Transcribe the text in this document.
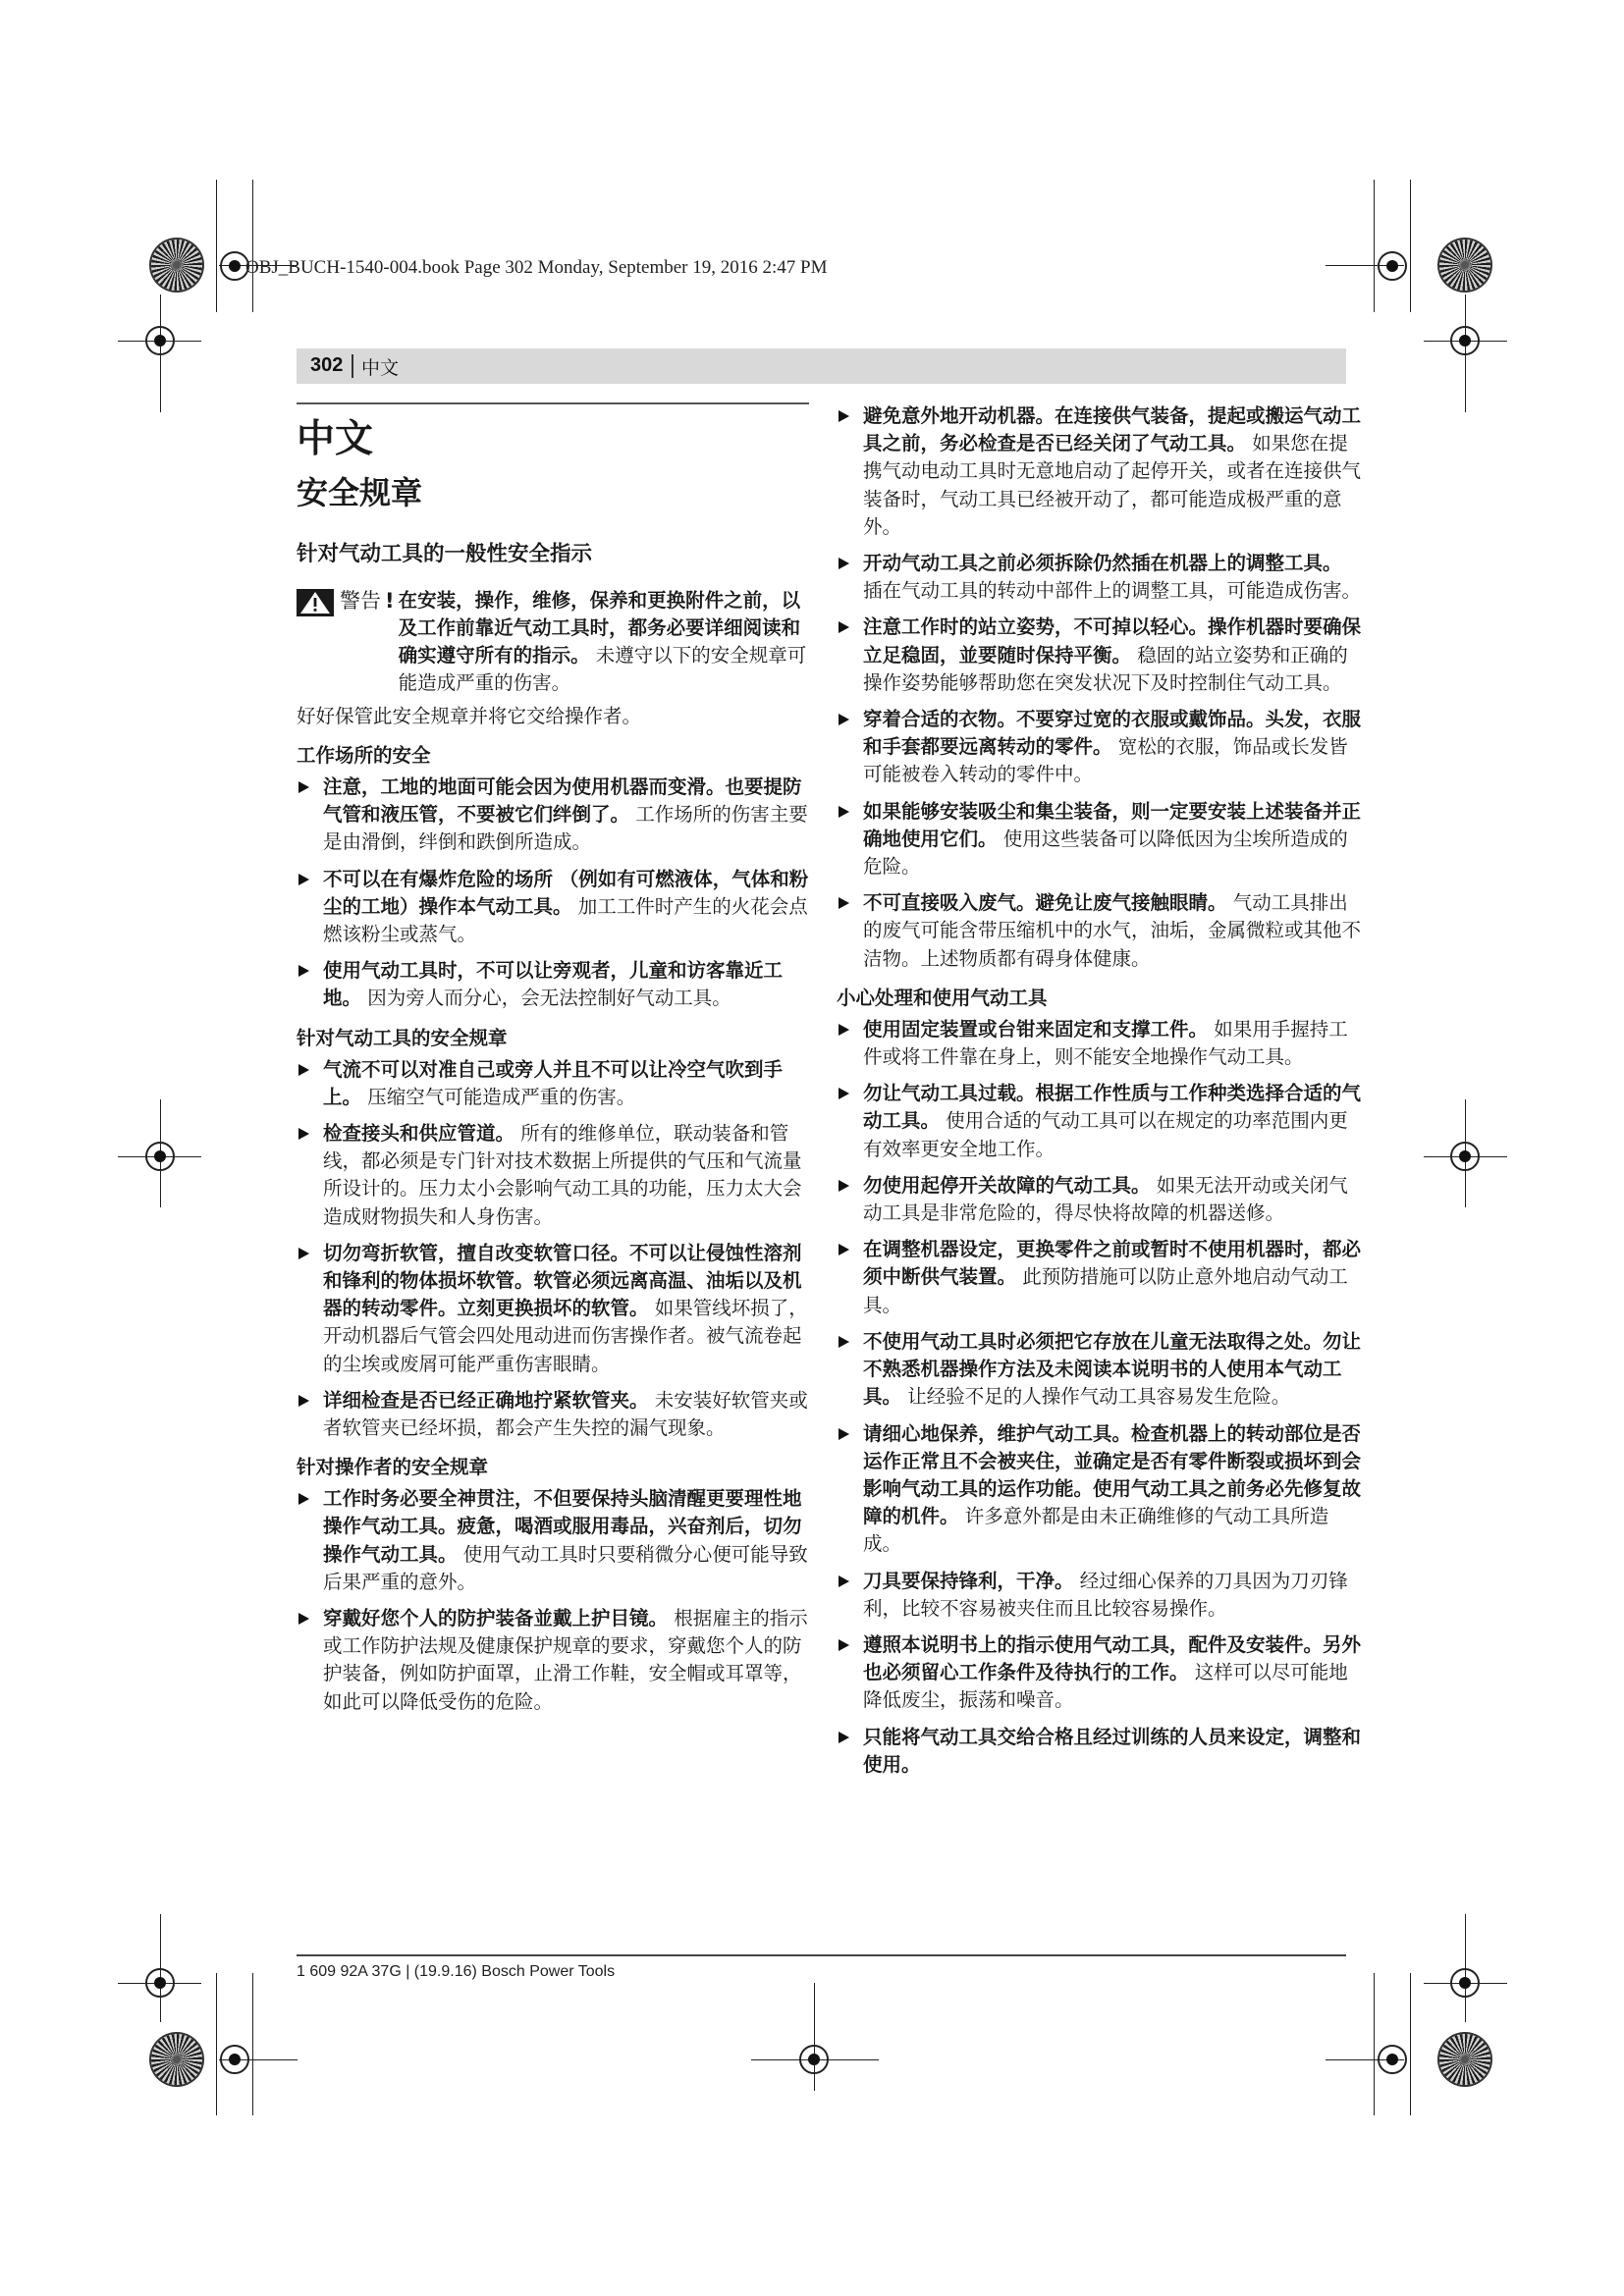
OBJ_BUCH-1540-004.book Page 302 Monday, September 19, 2016 2:47 PM
302 中文
中文
安全规章
针对气动工具的一般性安全指示
警告 ! 在安装，操作，维修，保养和更换附件之前，以及工作前靠近气动工具时，都务必要详细阅读和确实遵守所有的指示。 未遵守以下的安全规章可能造成严重的伤害。
好好保管此安全规章并将它交给操作者。
工作场所的安全
注意，工地的地面可能会因为使用机器而变滑。也要提防气管和液压管，不要被它们绊倒了。 工作场所的伤害主要是由滑倒，绊倒和跌倒所造成。
不可以在有爆炸危险的场所 （例如有可燃液体，气体和粉尘的工地）操作本气动工具。 加工工件时产生的火花会点燃该粉尘或蒸气。
使用气动工具时，不可以让旁观者，儿童和访客靠近工地。 因为旁人而分心，会无法控制好气动工具。
针对气动工具的安全规章
气流不可以对准自己或旁人并且不可以让冷空气吹到手上。 压缩空气可能造成严重的伤害。
检查接头和供应管道。 所有的维修单位，联动装备和管线，都必须是专门针对技术数据上所提供的气压和气流量所设计的。压力太小会影响气动工具的功能，压力太大会造成财物损失和人身伤害。
切勿弯折软管，擅自改变软管口径。不可以让侵蚀性溶剂和锋利的物体损坏软管。软管必须远离高温、油垢以及机器的转动零件。立刻更换损坏的软管。 如果管线坏损了，开动机器后气管会四处甩动进而伤害操作者。被气流卷起的尘埃或废屑可能严重伤害眼睛。
详细检查是否已经正确地拧紧软管夹。 未安装好软管夹或者软管夹已经坏损，都会产生失控的漏气现象。
针对操作者的安全规章
工作时务必要全神贯注，不但要保持头脑清醒更要理性地操作气动工具。疲惫，喝酒或服用毒品，兴奋剂后，切勿操作气动工具。 使用气动工具时只要稍微分心便可能导致后果严重的意外。
穿戴好您个人的防护装备並戴上护目镜。 根据雇主的指示或工作防护法规及健康保护规章的要求，穿戴您个人的防护装备，例如防护面罩，止滑工作鞋，安全帽或耳罩等，如此可以降低受伤的危险。
避免意外地开动机器。在连接供气装备，提起或搬运气动工具之前，务必检查是否已经关闭了气动工具。 如果您在提携气动电动工具时无意地启动了起停开关，或者在连接供气装备时，气动工具已经被开动了，都可能造成极严重的意外。
开动气动工具之前必须拆除仍然插在机器上的调整工具。 插在气动工具的转动中部件上的调整工具，可能造成伤害。
注意工作时的站立姿势，不可掉以轻心。操作机器时要确保立足稳固，並要随时保持平衡。 稳固的站立姿势和正确的操作姿势能够帮助您在突发状况下及时控制住气动工具。
穿着合适的衣物。不要穿过宽的衣服或戴饰品。头发，衣服和手套都要远离转动的零件。 宽松的衣服，饰品或长发皆可能被卷入转动的零件中。
如果能够安装吸尘和集尘装备，则一定要安装上述装备并正确地使用它们。 使用这些装备可以降低因为尘埃所造成的危险。
不可直接吸入废气。避免让废气接触眼睛。 气动工具排出的废气可能含带压缩机中的水气，油垢，金属微粒或其他不洁物。上述物质都有碍身体健康。
小心处理和使用气动工具
使用固定装置或台钳来固定和支撑工件。 如果用手握持工件或将工件靠在身上，则不能安全地操作气动工具。
勿让气动工具过载。根据工作性质与工作种类选择合适的气动工具。 使用合适的气动工具可以在规定的功率范围内更有效率更安全地工作。
勿使用起停开关故障的气动工具。 如果无法开动或关闭气动工具是非常危险的，得尽快将故障的机器送修。
在调整机器设定，更换零件之前或暂时不使用机器时，都必须中断供气装置。 此预防措施可以防止意外地启动气动工具。
不使用气动工具时必须把它存放在儿童无法取得之处。勿让不熟悉机器操作方法及未阅读本说明书的人使用本气动工具。 让经验不足的人操作气动工具容易发生危险。
请细心地保养，维护气动工具。检查机器上的转动部位是否运作正常且不会被夹住，並确定是否有零件断裂或损坏到会影响气动工具的运作功能。使用气动工具之前务必先修复故障的机件。 许多意外都是由未正确维修的气动工具所造成。
刀具要保持锋利，干净。 经过细心保养的刀具因为刀刃锋利，比较不容易被夹住而且比较容易操作。
遵照本说明书上的指示使用气动工具，配件及安装件。另外也必须留心工作条件及待执行的工作。 这样可以尽可能地降低废尘，振荡和噪音。
只能将气动工具交给合格且经过训练的人员来设定，调整和使用。
1 609 92A 37G | (19.9.16) Bosch Power Tools
